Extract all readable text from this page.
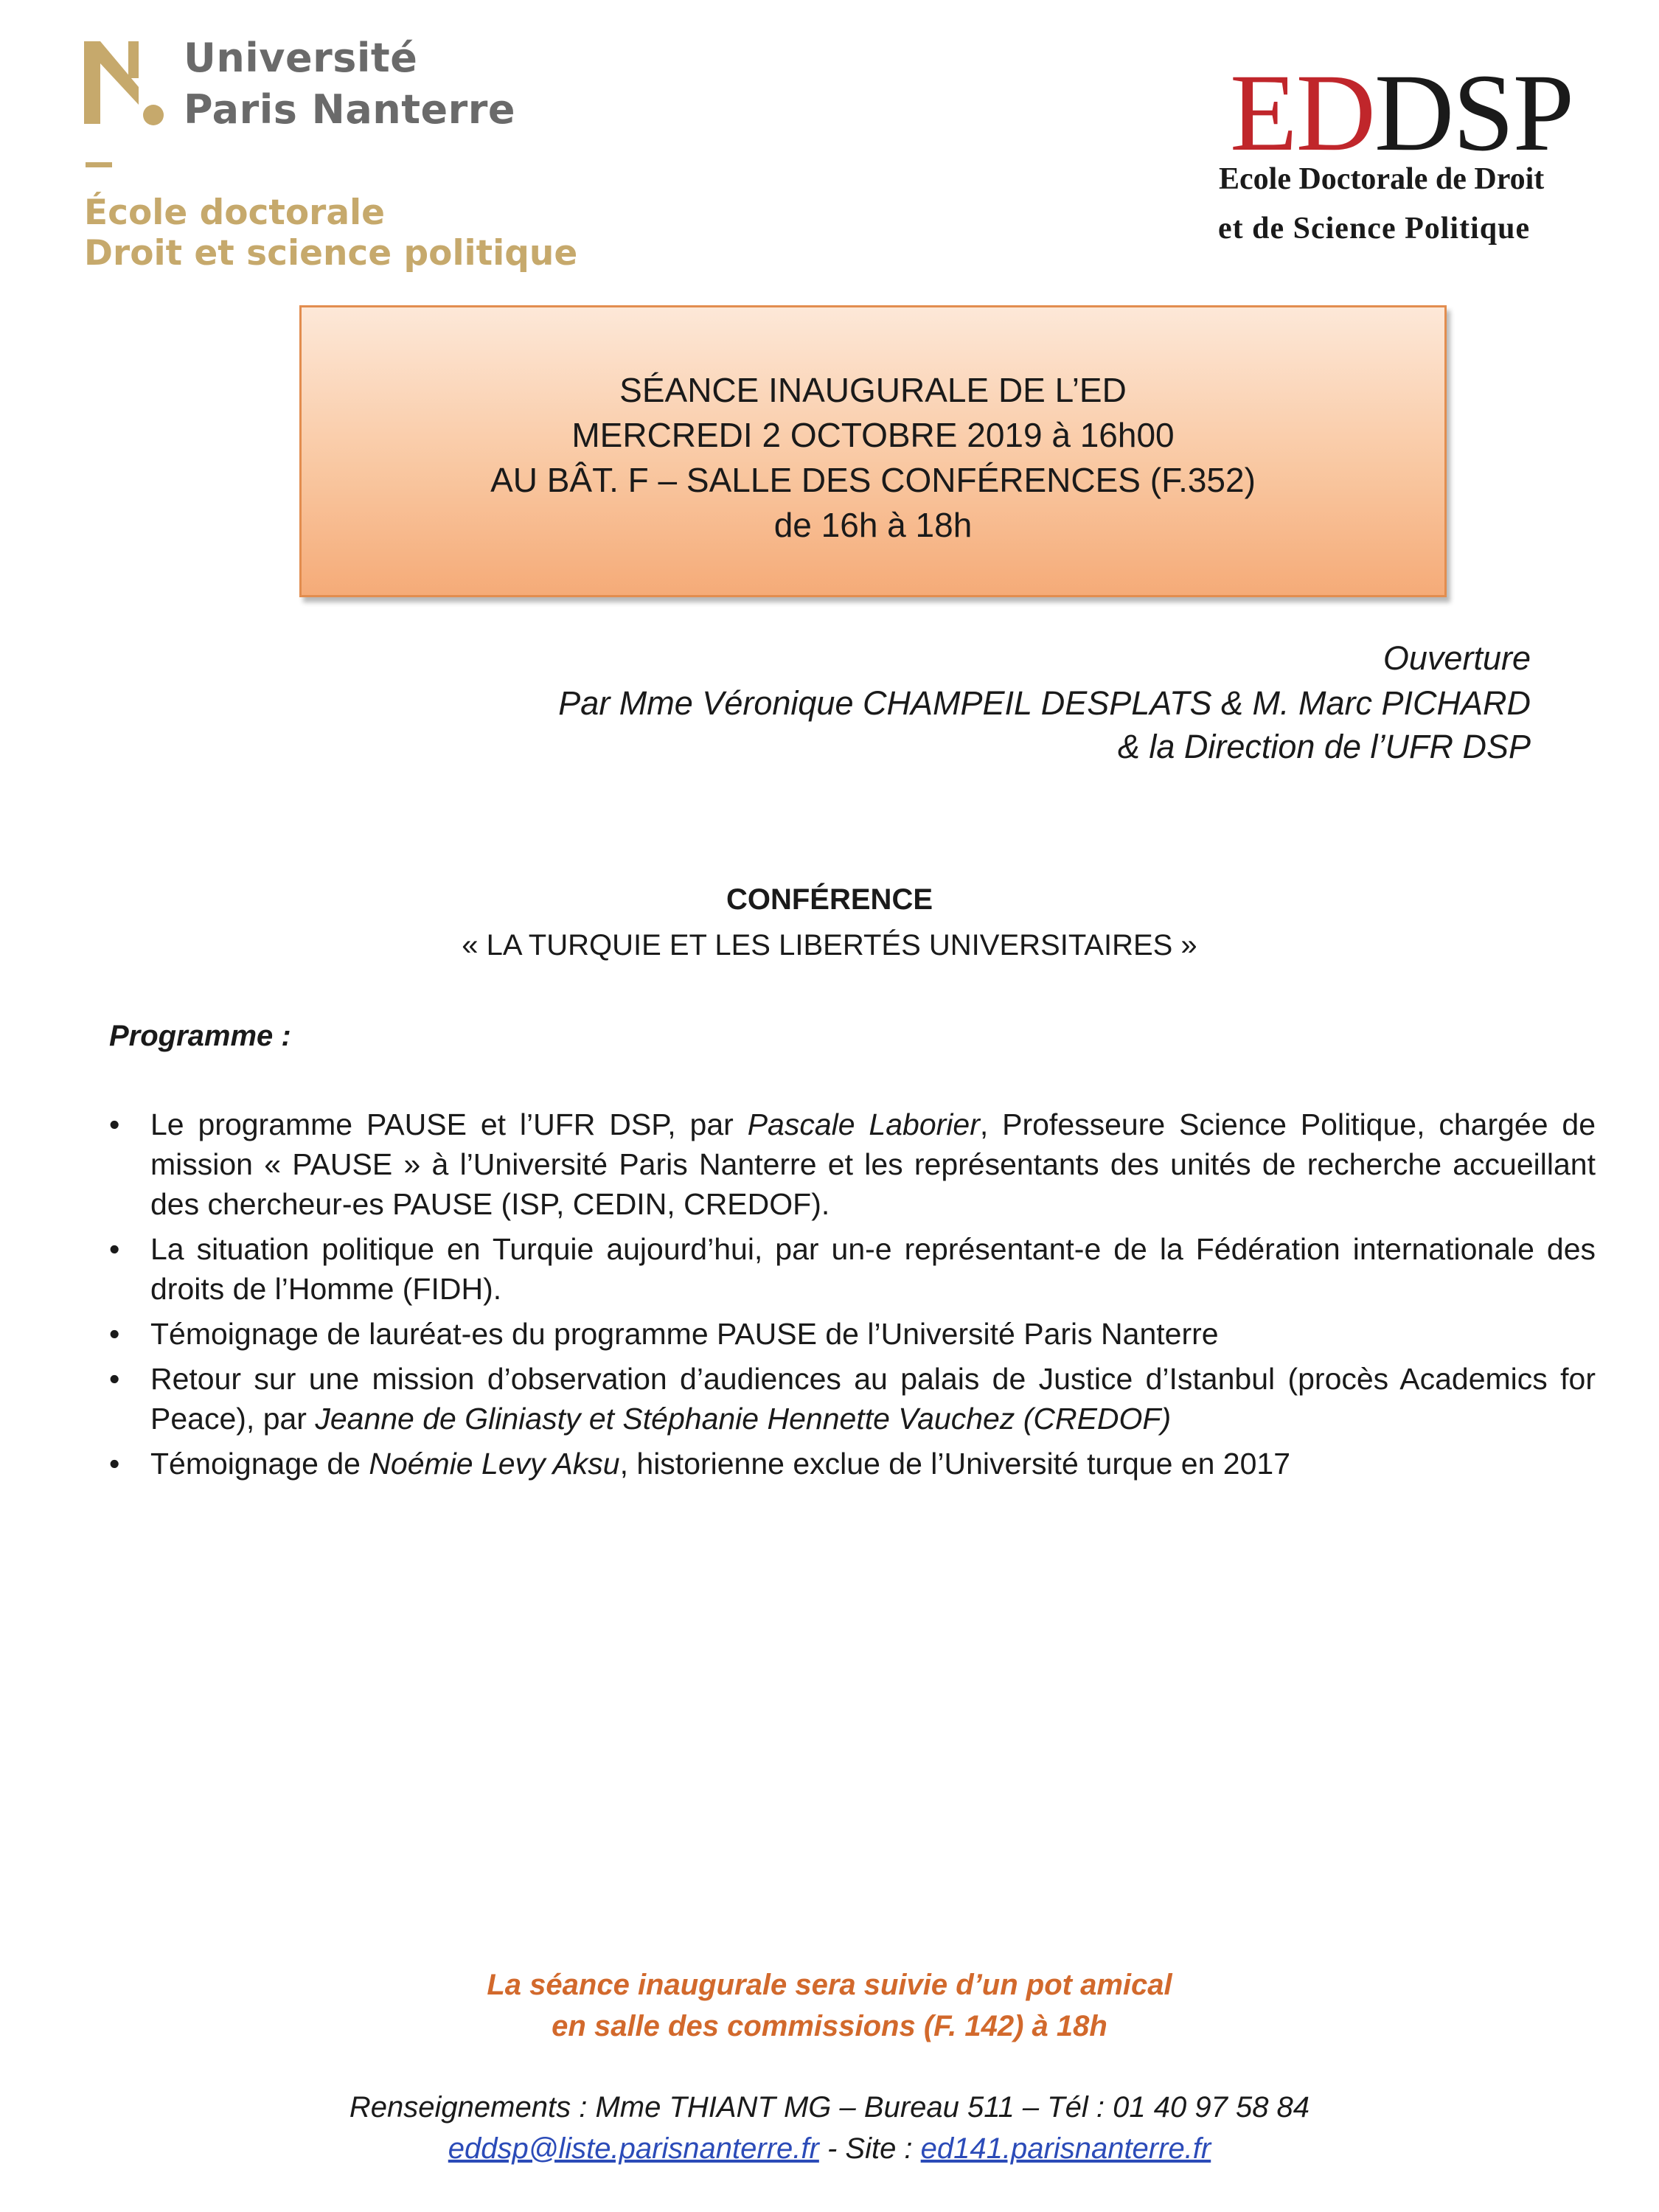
Université
Paris Nanterre
École doctorale
Droit et science politique
EDDSP
Ecole Doctorale de Droit
et de Science Politique
SÉANCE INAUGURALE DE L’ED
MERCREDI 2 OCTOBRE 2019 à 16h00
AU BÂT. F – SALLE DES CONFÉRENCES (F.352)
de 16h à 18h
Ouverture
Par Mme Véronique CHAMPEIL DESPLATS & M. Marc PICHARD
& la Direction de l’UFR DSP
CONFÉRENCE
« LA TURQUIE ET LES LIBERTÉS UNIVERSITAIRES »
Programme :
• Le programme PAUSE et l’UFR DSP, par Pascale Laborier, Professeure Science Politique, chargée de mission « PAUSE » à l’Université Paris Nanterre et les représentants des unités de recherche accueillant des chercheur-es PAUSE (ISP, CEDIN, CREDOF).
• La situation politique en Turquie aujourd’hui, par un-e représentant-e de la Fédération internationale des droits de l’Homme (FIDH).
• Témoignage de lauréat-es du programme PAUSE de l’Université Paris Nanterre
• Retour sur une mission d’observation d’audiences au palais de Justice d’Istanbul (procès Academics for Peace), par Jeanne de Gliniasty et Stéphanie Hennette Vauchez (CREDOF)
• Témoignage de Noémie Levy Aksu, historienne exclue de l’Université turque en 2017
La séance inaugurale sera suivie d’un pot amical
en salle des commissions (F. 142) à 18h
Renseignements : Mme THIANT MG – Bureau 511 – Tél : 01 40 97 58 84
eddsp@liste.parisnanterre.fr - Site : ed141.parisnanterre.fr
